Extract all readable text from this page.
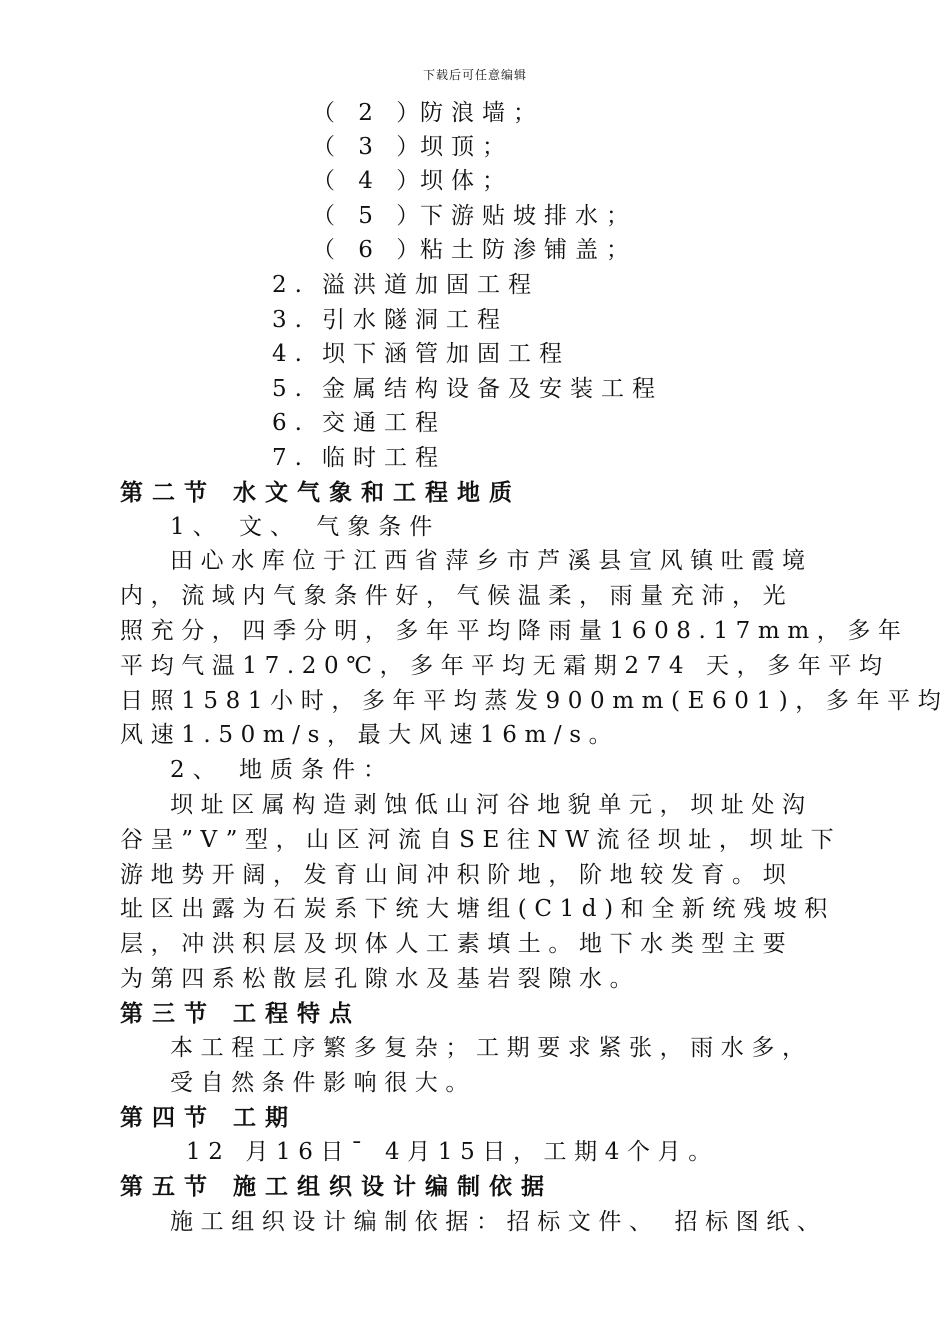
下载后可任意编辑
（ 2 ）防浪墙；
（ 3 ）坝顶；
（ 4 ）坝体；
（ 5 ）下游贴坡排水；
（ 6 ）粘土防渗铺盖；
2. 溢洪道加固工程
3. 引水隧洞工程
4. 坝下涵管加固工程
5. 金属结构设备及安装工程
6. 交通工程
7. 临时工程
第二节 水文气象和工程地质
1、 文、 气象条件
田心水库位于江西省萍乡市芦溪县宣风镇吐霞境
内，流域内气象条件好，气候温柔，雨量充沛，光
照充分，四季分明，多年平均降雨量1608.17mm，多年
平均气温17.20℃，多年平均无霜期274 天，多年平均
日照1581小时，多年平均蒸发900mm(E601)，多年平均
风速1.50m/s，最大风速16m/s。
2、 地质条件：
坝址区属构造剥蚀低山河谷地貌单元，坝址处沟
谷呈”V”型，山区河流自SE往NW流径坝址，坝址下
游地势开阔，发育山间冲积阶地，阶地较发育。坝
址区出露为石炭系下统大塘组(C1d)和全新统残坡积
层，冲洪积层及坝体人工素填土。地下水类型主要
为第四系松散层孔隙水及基岩裂隙水。
第三节 工程特点
本工程工序繁多复杂；工期要求紧张，雨水多，
受自然条件影响很大。
第四节 工期
12 月16日¯ 4月15日，工期4个月。
第五节 施工组织设计编制依据
施工组织设计编制依据：招标文件、 招标图纸、
